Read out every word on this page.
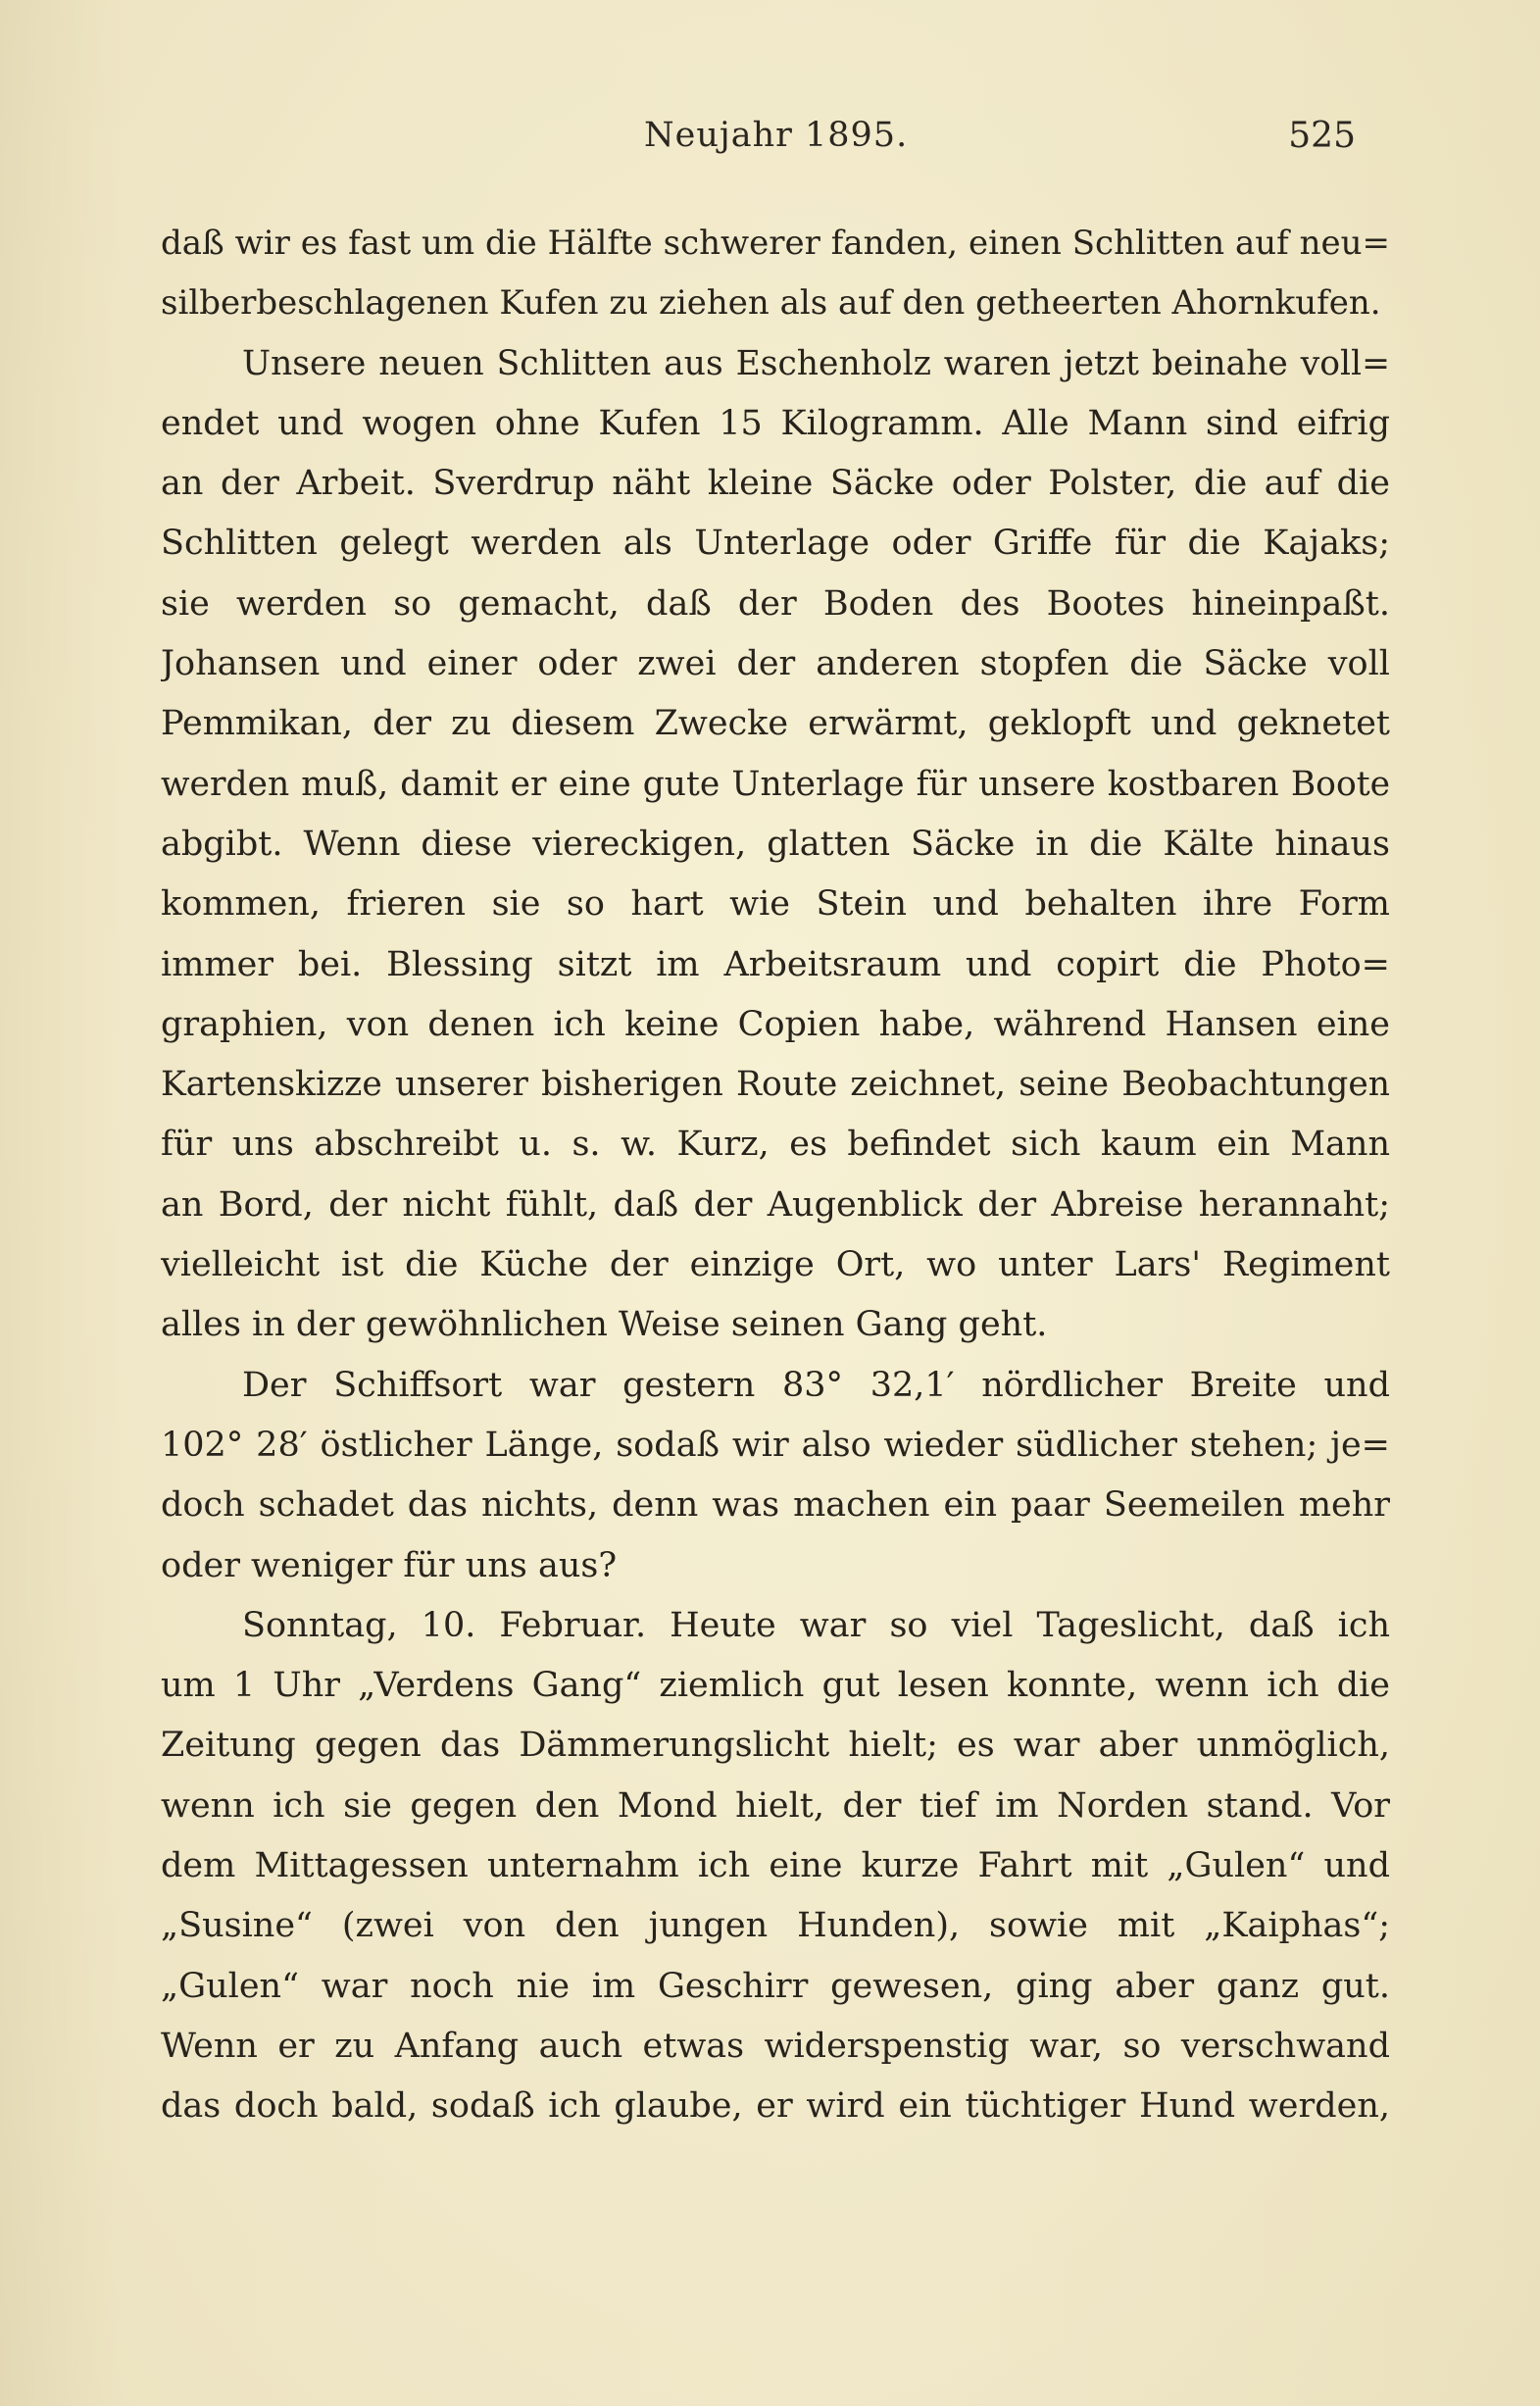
Neujahr 1895.	525
daß wir es fast um die Hälfte schwerer fanden, einen Schlitten auf neu=
silberbeschlagenen Kufen zu ziehen als auf den getheerten Ahornkufen.
Unsere neuen Schlitten aus Eschenholz waren jetzt beinahe voll=
endet und wogen ohne Kufen 15 Kilogramm. Alle Mann sind eifrig
an der Arbeit. Sverdrup näht kleine Säcke oder Polster, die auf die
Schlitten gelegt werden als Unterlage oder Griffe für die Kajaks;
sie werden so gemacht, daß der Boden des Bootes hineinpaßt.
Johansen und einer oder zwei der anderen stopfen die Säcke voll
Pemmikan, der zu diesem Zwecke erwärmt, geklopft und geknetet
werden muß, damit er eine gute Unterlage für unsere kostbaren Boote
abgibt. Wenn diese viereckigen, glatten Säcke in die Kälte hinaus
kommen, frieren sie so hart wie Stein und behalten ihre Form
immer bei. Blessing sitzt im Arbeitsraum und copirt die Photo=
graphien, von denen ich keine Copien habe, während Hansen eine
Kartenskizze unserer bisherigen Route zeichnet, seine Beobachtungen
für uns abschreibt u. s. w. Kurz, es befindet sich kaum ein Mann
an Bord, der nicht fühlt, daß der Augenblick der Abreise herannaht;
vielleicht ist die Küche der einzige Ort, wo unter Lars' Regiment
alles in der gewöhnlichen Weise seinen Gang geht.
Der Schiffsort war gestern 83° 32,1′ nördlicher Breite und
102° 28′ östlicher Länge, sodaß wir also wieder südlicher stehen; je=
doch schadet das nichts, denn was machen ein paar Seemeilen mehr
oder weniger für uns aus?
Sonntag, 10. Februar. Heute war so viel Tageslicht, daß ich
um 1 Uhr „Verdens Gang“ ziemlich gut lesen konnte, wenn ich die
Zeitung gegen das Dämmerungslicht hielt; es war aber unmöglich,
wenn ich sie gegen den Mond hielt, der tief im Norden stand. Vor
dem Mittagessen unternahm ich eine kurze Fahrt mit „Gulen“ und
„Susine“ (zwei von den jungen Hunden), sowie mit „Kaiphas“;
„Gulen“ war noch nie im Geschirr gewesen, ging aber ganz gut.
Wenn er zu Anfang auch etwas widerspenstig war, so verschwand
das doch bald, sodaß ich glaube, er wird ein tüchtiger Hund werden,
